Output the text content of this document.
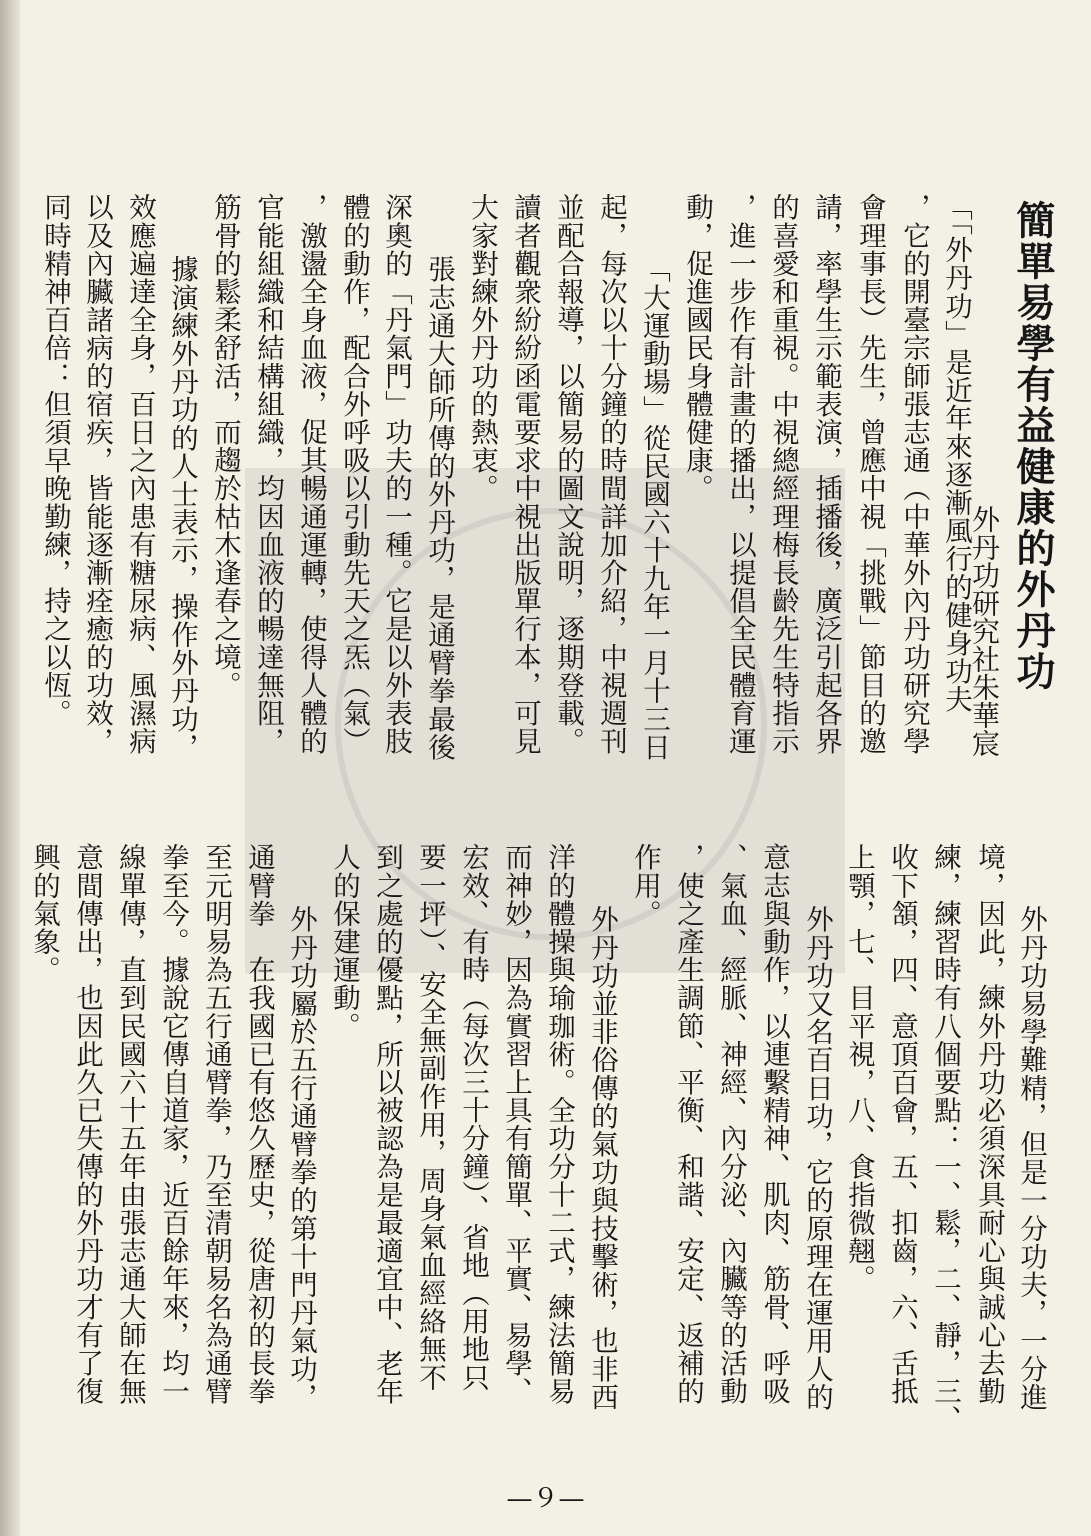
簡單易學有益健康的外丹功
外丹功研究社朱華宸
「「外丹功」是近年來逐漸風行的健身功夫
，它的開臺宗師張志通（中華外內丹功研究學
會理事長）先生，曾應中視「挑戰」節目的邀
請，率學生示範表演，插播後，廣泛引起各界
的喜愛和重視。中視總經理梅長齡先生特指示
，進一步作有計畫的播出，以提倡全民體育運
動，促進國民身體健康。
「大運動場」從民國六十九年一月十三日
起，每次以十分鐘的時間詳加介紹，中視週刊
並配合報導，以簡易的圖文說明，逐期登載。
讀者觀衆紛紛函電要求中視出版單行本，可見
大家對練外丹功的熱衷。
張志通大師所傳的外丹功，是通臂拳最後
深奧的「丹氣門」功夫的一種。它是以外表肢
體的動作，配合外呼吸以引動先天之炁（氣）
，激盪全身血液，促其暢通運轉，使得人體的
官能組織和結構組織，均因血液的暢達無阻，
筋骨的鬆柔舒活，而趨於枯木逢春之境。
據演練外丹功的人士表示，操作外丹功，
效應遍達全身，百日之內患有糖尿病、風濕病
以及內臟諸病的宿疾，皆能逐漸痊癒的功效，
同時精神百倍：但須早晚勤練，持之以恆。
外丹功易學難精，但是一分功夫，一分進
境，因此，練外丹功必須深具耐心與誠心去勤
練，練習時有八個要點：一、鬆，二、靜，三、
收下頷，四、意頂百會，五、扣齒，六、舌抵
上顎，七、目平視，八、食指微翹。
外丹功又名百日功，它的原理在運用人的
意志與動作，以連繫精神、肌肉、筋骨、呼吸
、氣血、經脈、神經、內分泌、內臟等的活動
，使之產生調節、平衡、和諧、安定、返補的
作用。
外丹功並非俗傳的氣功與技擊術，也非西
洋的體操與瑜珈術。全功分十二式，練法簡易
而神妙，因為實習上具有簡單、平實、易學、
宏效、有時（每次三十分鐘）、省地（用地只
要一坪）、安全無副作用，周身氣血經絡無不
到之處的優點，所以被認為是最適宜中、老年
人的保建運動。
外丹功屬於五行通臂拳的第十門丹氣功，
通臂拳　在我國已有悠久歷史，從唐初的長拳
至元明易為五行通臂拳，乃至清朝易名為通臂
拳至今。據說它傳自道家，近百餘年來，均一
線單傳，直到民國六十五年由張志通大師在無
意間傳出，也因此久已失傳的外丹功才有了復
興的氣象。
—９—
